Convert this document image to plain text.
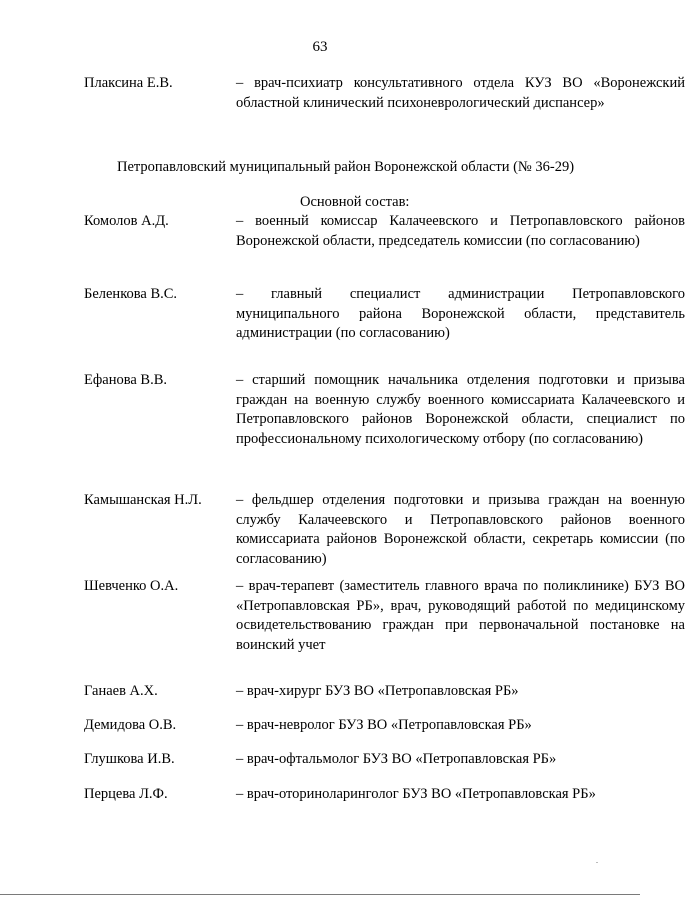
63
Плаксина Е.В.	– врач-психиатр консультативного отдела КУЗ ВО «Воронежский областной клинический психоневрологический диспансер»
Петропавловский муниципальный район Воронежской области (№ 36-29)
Основной состав:
Комолов А.Д.	– военный комиссар Калачеевского и Петропавловского районов Воронежской области, председатель комиссии (по согласованию)
Беленкова В.С.	– главный специалист администрации Петропавловского муниципального района Воронежской области, представитель администрации (по согласованию)
Ефанова В.В.	– старший помощник начальника отделения подготовки и призыва граждан на военную службу военного комиссариата Калачеевского и Петропавловского районов Воронежской области, специалист по профессиональному психологическому отбору (по согласованию)
Камышанская Н.Л.	– фельдшер отделения подготовки и призыва граждан на военную службу Калачеевского и Петропавловского районов военного комиссариата районов Воронежской области, секретарь комиссии (по согласованию)
Шевченко О.А.	– врач-терапевт (заместитель главного врача по поликлинике) БУЗ ВО «Петропавловская РБ», врач, руководящий работой по медицинскому освидетельствованию граждан при первоначальной постановке на воинский учет
Ганаев А.Х.	– врач-хирург БУЗ ВО «Петропавловская РБ»
Демидова О.В.	– врач-невролог БУЗ ВО «Петропавловская РБ»
Глушкова И.В.	– врач-офтальмолог БУЗ ВО «Петропавловская РБ»
Перцева Л.Ф.	– врач-оториноларинголог БУЗ ВО «Петропавловская РБ»
